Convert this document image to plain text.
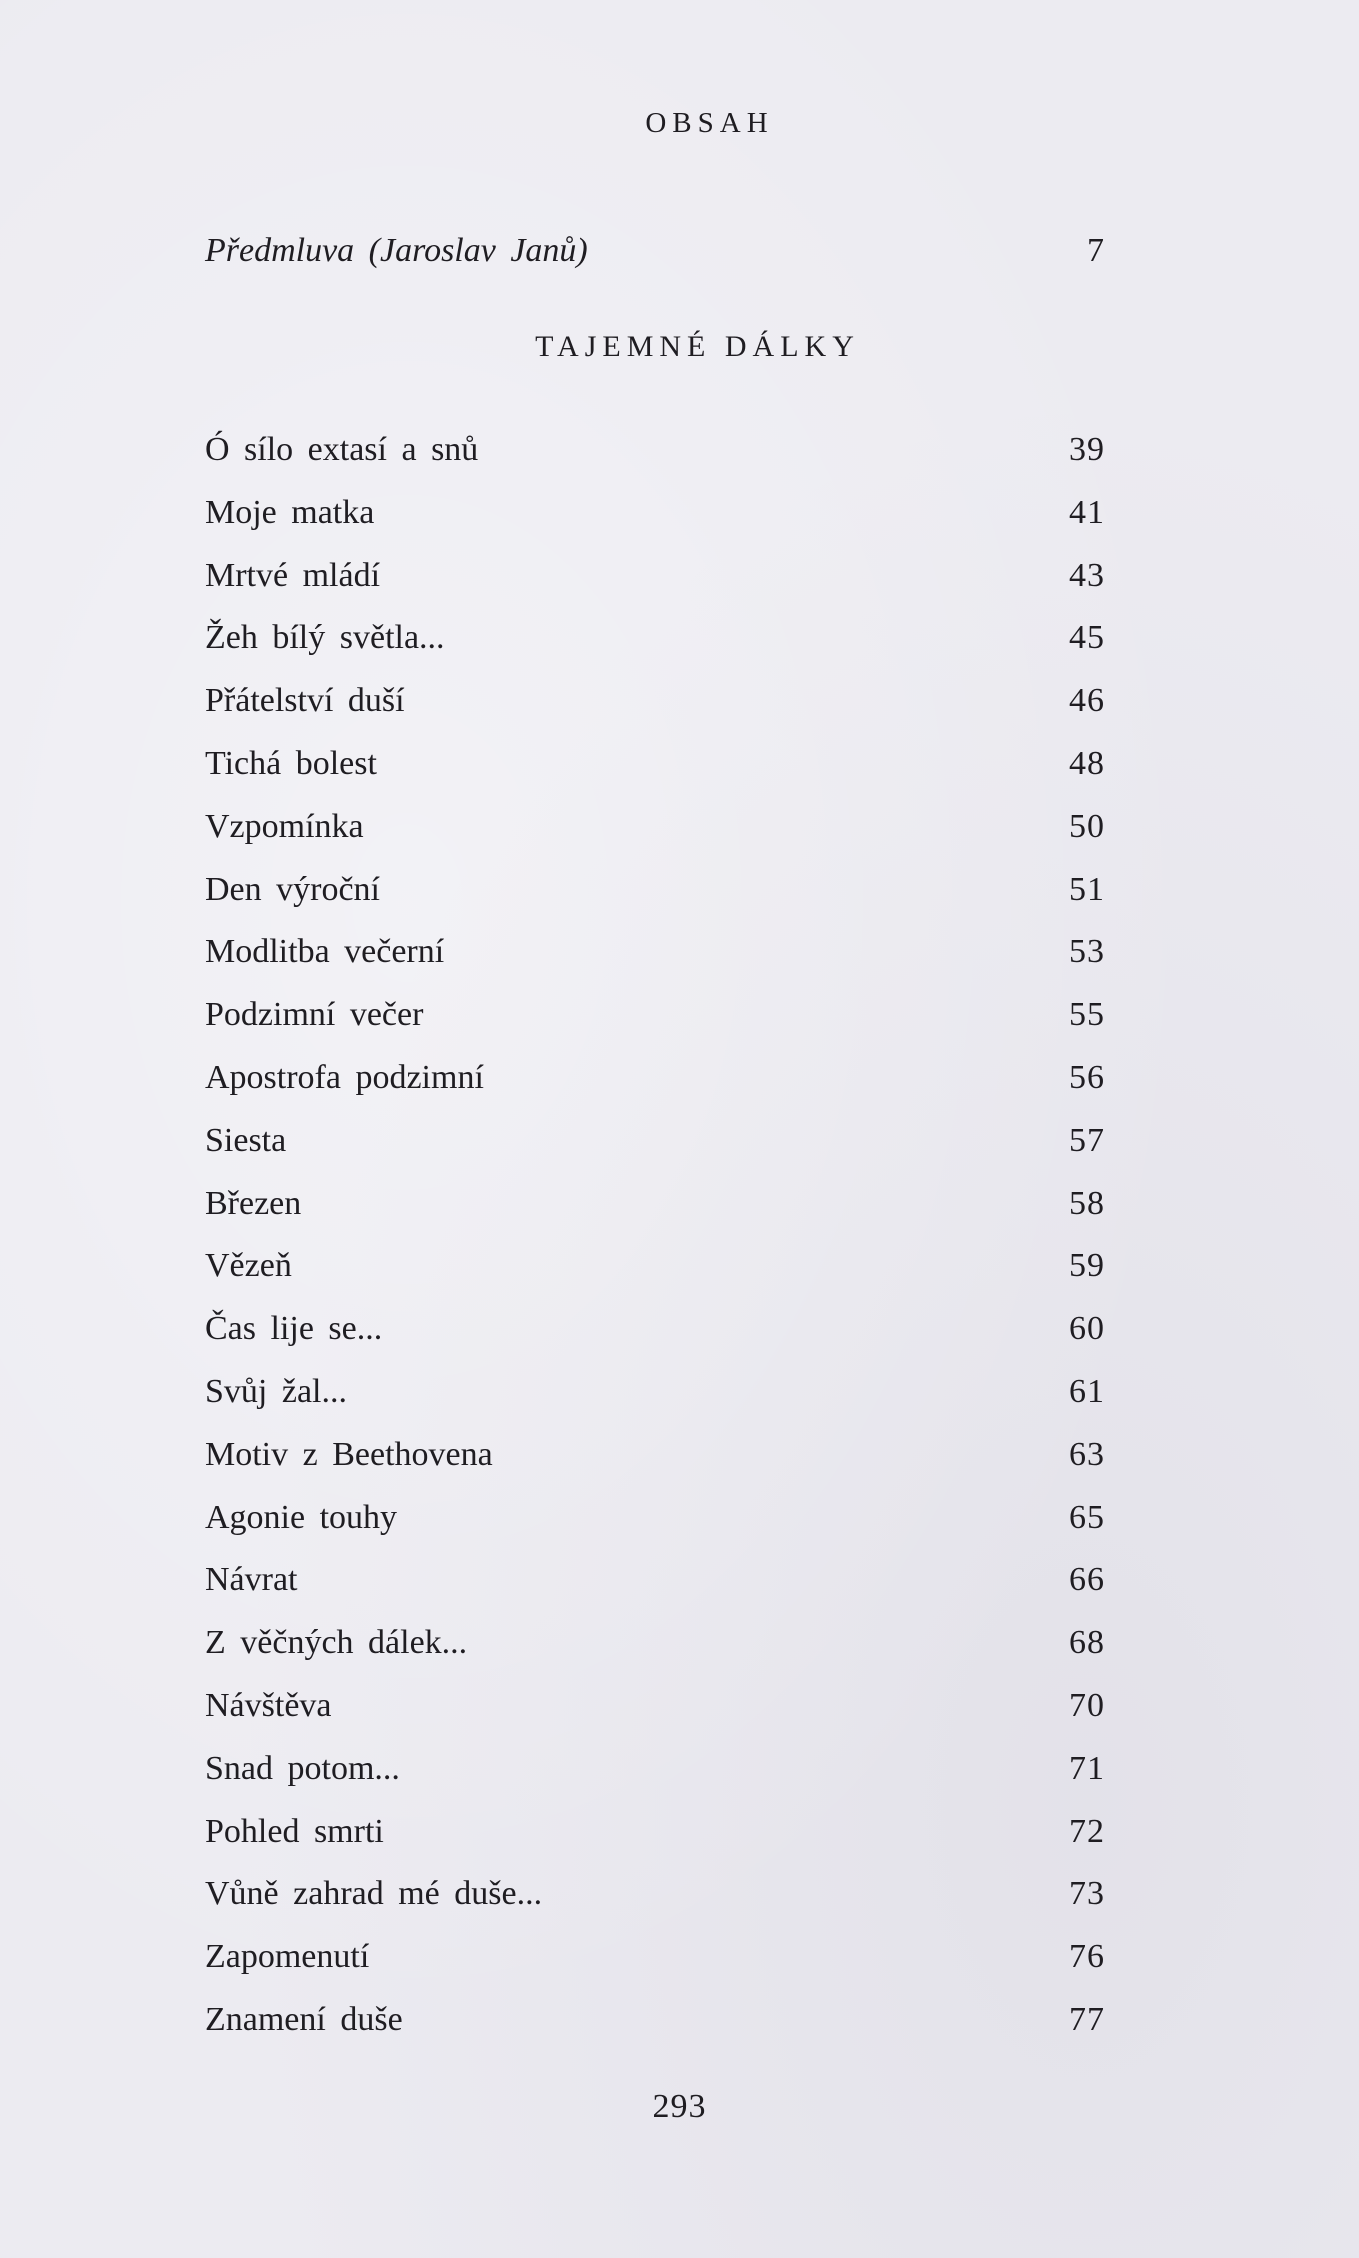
OBSAH
Předmluva (Jaroslav Janů)	7
TAJEMNÉ DÁLKY
Ó sílo extasí a snů	39
Moje matka	41
Mrtvé mládí	43
Žeh bílý světla...	45
Přátelství duší	46
Tichá bolest	48
Vzpomínka	50
Den výroční	51
Modlitba večerní	53
Podzimní večer	55
Apostrofa podzimní	56
Siesta	57
Březen	58
Vězeň	59
Čas lije se...	60
Svůj žal...	61
Motiv z Beethovena	63
Agonie touhy	65
Návrat	66
Z věčných dálek...	68
Návštěva	70
Snad potom...	71
Pohled smrti	72
Vůně zahrad mé duše...	73
Zapomenutí	76
Znamení duše	77
293
